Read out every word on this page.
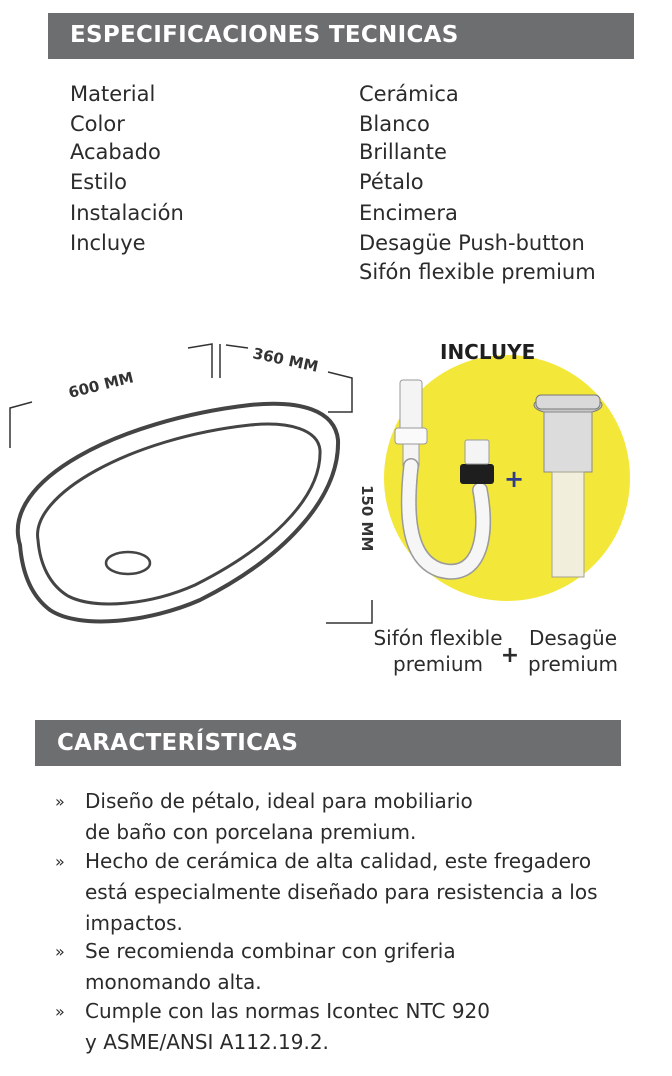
ESPECIFICACIONES TECNICAS
Material	Cerámica
Color	Blanco
Acabado	Brillante
Estilo	Pétalo
Instalación	Encimera
Incluye	Desagüe Push-button
Sifón flexible premium
600 MM
360 MM
150 MM
+
INCLUYE
Sifón flexible
premium +
Desagüe
premium
CARACTERÍSTICAS
»	Diseño de pétalo, ideal para mobiliario
de baño con porcelana premium.
»	Hecho de cerámica de alta calidad, este fregadero
está especialmente diseñado para resistencia a los
impactos.
»	Se recomienda combinar con griferia
monomando alta.
»	Cumple con las normas Icontec NTC 920
y ASME/ANSI A112.19.2.
